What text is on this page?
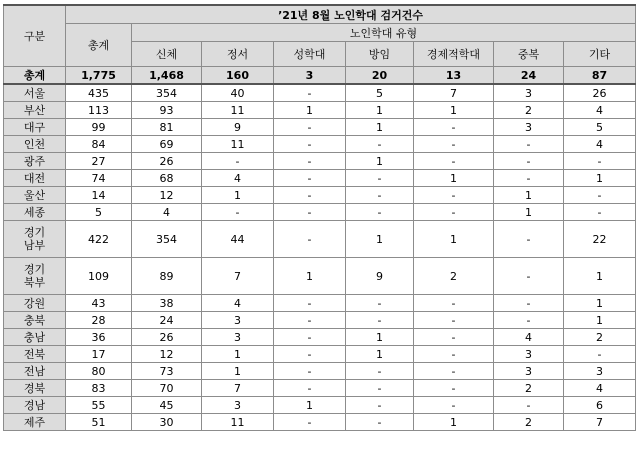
구분	’21년 8월 노인학대 검거건수							
	총계	노인학대 유형						
		신체	정서	성학대	방임	경제적학대	중복	기타
총계	1,775	1,468	160	3	20	13	24	87
서울	435	354	40	-	5	7	3	26
부산	113	93	11	1	1	1	2	4
대구	99	81	9	-	1	-	3	5
인천	84	69	11	-	-	-	-	4
광주	27	26	-	-	1	-	-	-
대전	74	68	4	-	-	1	-	1
울산	14	12	1	-	-	-	1	-
세종	5	4	-	-	-	-	1	-

경기
남부	422	354	44	-	1	1	-	22

경기
북부	109	89	7	1	9	2	-	1
강원	43	38	4	-	-	-	-	1
충북	28	24	3	-	-	-	-	1
충남	36	26	3	-	1	-	4	2
전북	17	12	1	-	1	-	3	-
전남	80	73	1	-	-	-	3	3
경북	83	70	7	-	-	-	2	4
경남	55	45	3	1	-	-	-	6
제주	51	30	11	-	-	1	2	7
